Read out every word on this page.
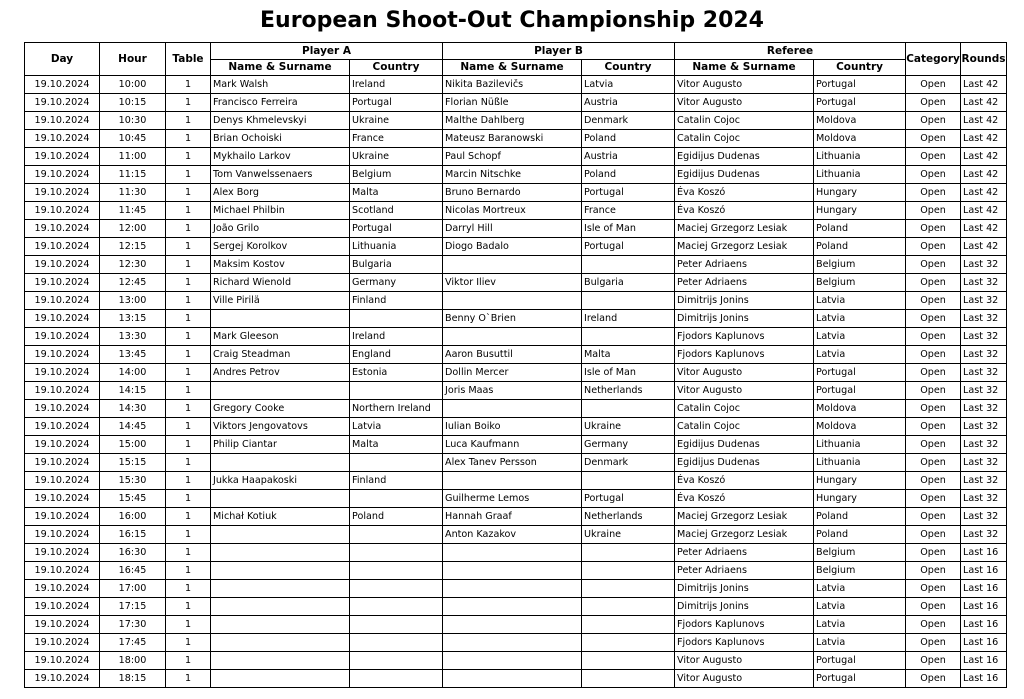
European Shoot-Out Championship 2024
Day	Hour	Table	Player A		Player B		Referee		Category	Rounds
			Name & Surname	Country	Name & Surname	Country	Name & Surname	Country		
19.10.2024	10:00	1	Mark Walsh	Ireland	Nikita Bazilevičs	Latvia	Vitor Augusto	Portugal	Open	Last 42
19.10.2024	10:15	1	Francisco Ferreira	Portugal	Florian Nüßle	Austria	Vitor Augusto	Portugal	Open	Last 42
19.10.2024	10:30	1	Denys Khmelevskyi	Ukraine	Malthe Dahlberg	Denmark	Catalin Cojoc	Moldova	Open	Last 42
19.10.2024	10:45	1	Brian Ochoiski	France	Mateusz Baranowski	Poland	Catalin Cojoc	Moldova	Open	Last 42
19.10.2024	11:00	1	Mykhailo Larkov	Ukraine	Paul Schopf	Austria	Egidijus Dudenas	Lithuania	Open	Last 42
19.10.2024	11:15	1	Tom Vanwelssenaers	Belgium	Marcin Nitschke	Poland	Egidijus Dudenas	Lithuania	Open	Last 42
19.10.2024	11:30	1	Alex Borg	Malta	Bruno Bernardo	Portugal	Éva Koszó	Hungary	Open	Last 42
19.10.2024	11:45	1	Michael Philbin	Scotland	Nicolas Mortreux	France	Éva Koszó	Hungary	Open	Last 42
19.10.2024	12:00	1	João Grilo	Portugal	Darryl Hill	Isle of Man	Maciej Grzegorz Lesiak	Poland	Open	Last 42
19.10.2024	12:15	1	Sergej Korolkov	Lithuania	Diogo Badalo	Portugal	Maciej Grzegorz Lesiak	Poland	Open	Last 42
19.10.2024	12:30	1	Maksim Kostov	Bulgaria			Peter Adriaens	Belgium	Open	Last 32
19.10.2024	12:45	1	Richard Wienold	Germany	Viktor Iliev	Bulgaria	Peter Adriaens	Belgium	Open	Last 32
19.10.2024	13:00	1	Ville Pirilä	Finland			Dimitrijs Jonins	Latvia	Open	Last 32
19.10.2024	13:15	1			Benny O`Brien	Ireland	Dimitrijs Jonins	Latvia	Open	Last 32
19.10.2024	13:30	1	Mark Gleeson	Ireland			Fjodors Kaplunovs	Latvia	Open	Last 32
19.10.2024	13:45	1	Craig Steadman	England	Aaron Busuttil	Malta	Fjodors Kaplunovs	Latvia	Open	Last 32
19.10.2024	14:00	1	Andres Petrov	Estonia	Dollin Mercer	Isle of Man	Vitor Augusto	Portugal	Open	Last 32
19.10.2024	14:15	1			Joris Maas	Netherlands	Vitor Augusto	Portugal	Open	Last 32
19.10.2024	14:30	1	Gregory Cooke	Northern Ireland			Catalin Cojoc	Moldova	Open	Last 32
19.10.2024	14:45	1	Viktors Jengovatovs	Latvia	Iulian Boiko	Ukraine	Catalin Cojoc	Moldova	Open	Last 32
19.10.2024	15:00	1	Philip Ciantar	Malta	Luca Kaufmann	Germany	Egidijus Dudenas	Lithuania	Open	Last 32
19.10.2024	15:15	1			Alex Tanev Persson	Denmark	Egidijus Dudenas	Lithuania	Open	Last 32
19.10.2024	15:30	1	Jukka Haapakoski	Finland			Éva Koszó	Hungary	Open	Last 32
19.10.2024	15:45	1			Guilherme Lemos	Portugal	Éva Koszó	Hungary	Open	Last 32
19.10.2024	16:00	1	Michał Kotiuk	Poland	Hannah Graaf	Netherlands	Maciej Grzegorz Lesiak	Poland	Open	Last 32
19.10.2024	16:15	1			Anton Kazakov	Ukraine	Maciej Grzegorz Lesiak	Poland	Open	Last 32
19.10.2024	16:30	1					Peter Adriaens	Belgium	Open	Last 16
19.10.2024	16:45	1					Peter Adriaens	Belgium	Open	Last 16
19.10.2024	17:00	1					Dimitrijs Jonins	Latvia	Open	Last 16
19.10.2024	17:15	1					Dimitrijs Jonins	Latvia	Open	Last 16
19.10.2024	17:30	1					Fjodors Kaplunovs	Latvia	Open	Last 16
19.10.2024	17:45	1					Fjodors Kaplunovs	Latvia	Open	Last 16
19.10.2024	18:00	1					Vitor Augusto	Portugal	Open	Last 16
19.10.2024	18:15	1					Vitor Augusto	Portugal	Open	Last 16
